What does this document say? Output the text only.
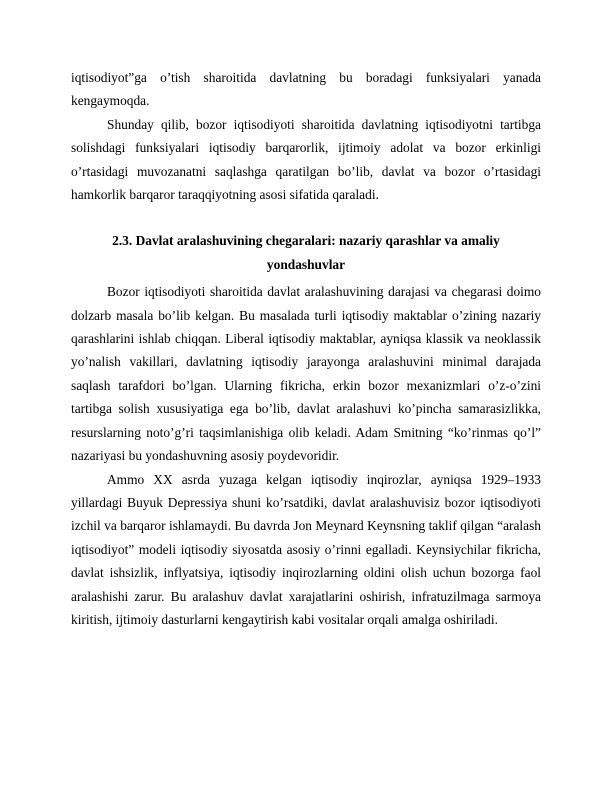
iqtisodiyot”ga o’tish sharoitida davlatning bu boradagi funksiyalari yanada kengaymoqda.

Shunday qilib, bozor iqtisodiyoti sharoitida davlatning iqtisodiyotni tartibga solishdagi funksiyalari iqtisodiy barqarorlik, ijtimoiy adolat va bozor erkinligi o’rtasidagi muvozanatni saqlashga qaratilgan bo’lib, davlat va bozor o’rtasidagi hamkorlik barqaror taraqqiyotning asosi sifatida qaraladi.

2.3. Davlat aralashuvining chegaralari: nazariy qarashlar va amaliy yondashuvlar

Bozor iqtisodiyoti sharoitida davlat aralashuvining darajasi va chegarasi doimo dolzarb masala bo’lib kelgan. Bu masalada turli iqtisodiy maktablar o’zining nazariy qarashlarini ishlab chiqqan. Liberal iqtisodiy maktablar, ayniqsa klassik va neoklassik yo’nalish vakillari, davlatning iqtisodiy jarayonga aralashuvini minimal darajada saqlash tarafdori bo’lgan. Ularning fikricha, erkin bozor mexanizmlari o’z-o’zini tartibga solish xususiyatiga ega bo’lib, davlat aralashuvi ko’pincha samarasizlikka, resurslarning noto’g’ri taqsimlanishiga olib keladi. Adam Smitning “ko’rinmas qo’l” nazariyasi bu yondashuvning asosiy poydevoridir.

Ammo XX asrda yuzaga kelgan iqtisodiy inqirozlar, ayniqsa 1929–1933 yillardagi Buyuk Depressiya shuni ko’rsatdiki, davlat aralashuvisiz bozor iqtisodiyoti izchil va barqaror ishlamaydi. Bu davrda Jon Meynard Keynsning taklif qilgan “aralash iqtisodiyot” modeli iqtisodiy siyosatda asosiy o’rinni egalladi. Keynsiychilar fikricha, davlat ishsizlik, inflyatsiya, iqtisodiy inqirozlarning oldini olish uchun bozorga faol aralashishi zarur. Bu aralashuv davlat xarajatlarini oshirish, infratuzilmaga sarmoya kiritish, ijtimoiy dasturlarni kengaytirish kabi vositalar orqali amalga oshiriladi.
